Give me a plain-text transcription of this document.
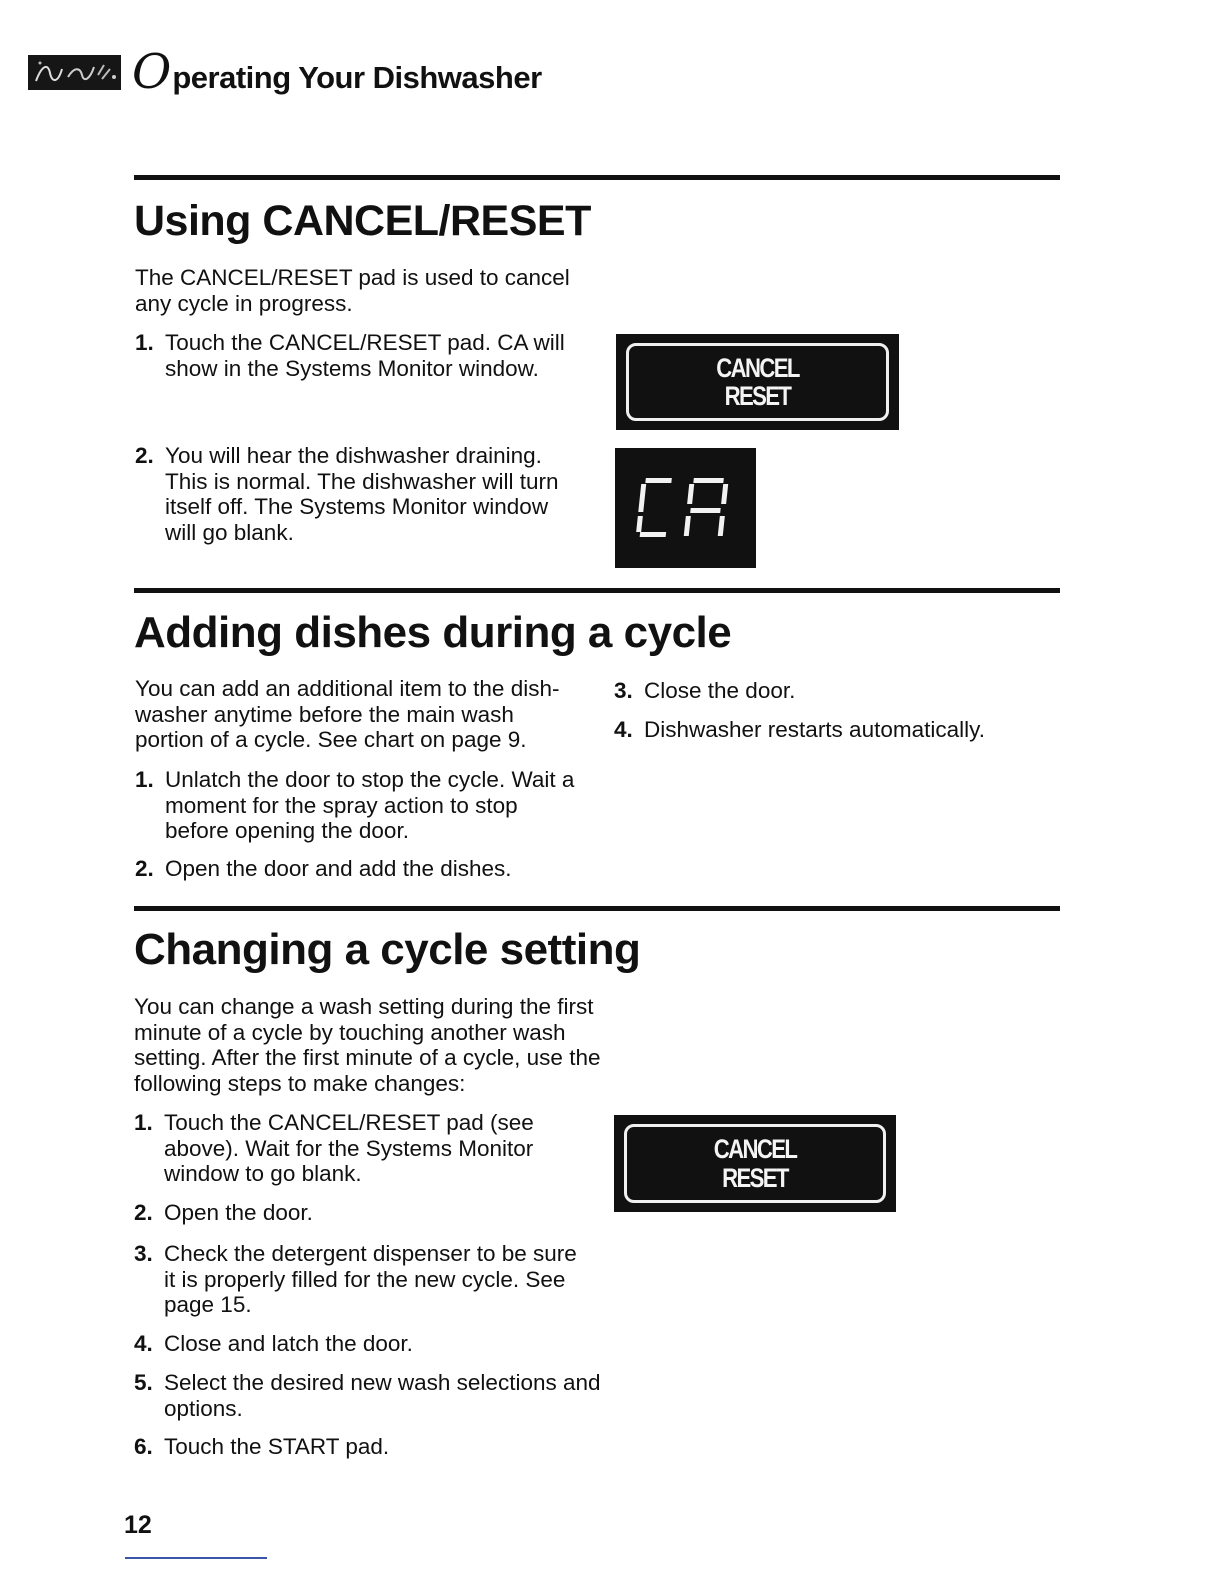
Operating Your Dishwasher
Using CANCEL/RESET
The CANCEL/RESET pad is used to cancel
any cycle in progress.
1. Touch the CANCEL/RESET pad. CA will
show in the Systems Monitor window.
2. You will hear the dishwasher draining.
This is normal. The dishwasher will turn
itself off. The Systems Monitor window
will go blank.
CANCEL
RESET
Adding dishes during a cycle
You can add an additional item to the dish-
washer anytime before the main wash
portion of a cycle. See chart on page 9.
1. Unlatch the door to stop the cycle. Wait a
moment for the spray action to stop
before opening the door.
2. Open the door and add the dishes.
3. Close the door.
4. Dishwasher restarts automatically.
Changing a cycle setting
You can change a wash setting during the first
minute of a cycle by touching another wash
setting. After the first minute of a cycle, use the
following steps to make changes:
1. Touch the CANCEL/RESET pad (see
above). Wait for the Systems Monitor
window to go blank.
2. Open the door.
3. Check the detergent dispenser to be sure
it is properly filled for the new cycle. See
page 15.
4. Close and latch the door.
5. Select the desired new wash selections and
options.
6. Touch the START pad.
CANCEL
RESET
12
